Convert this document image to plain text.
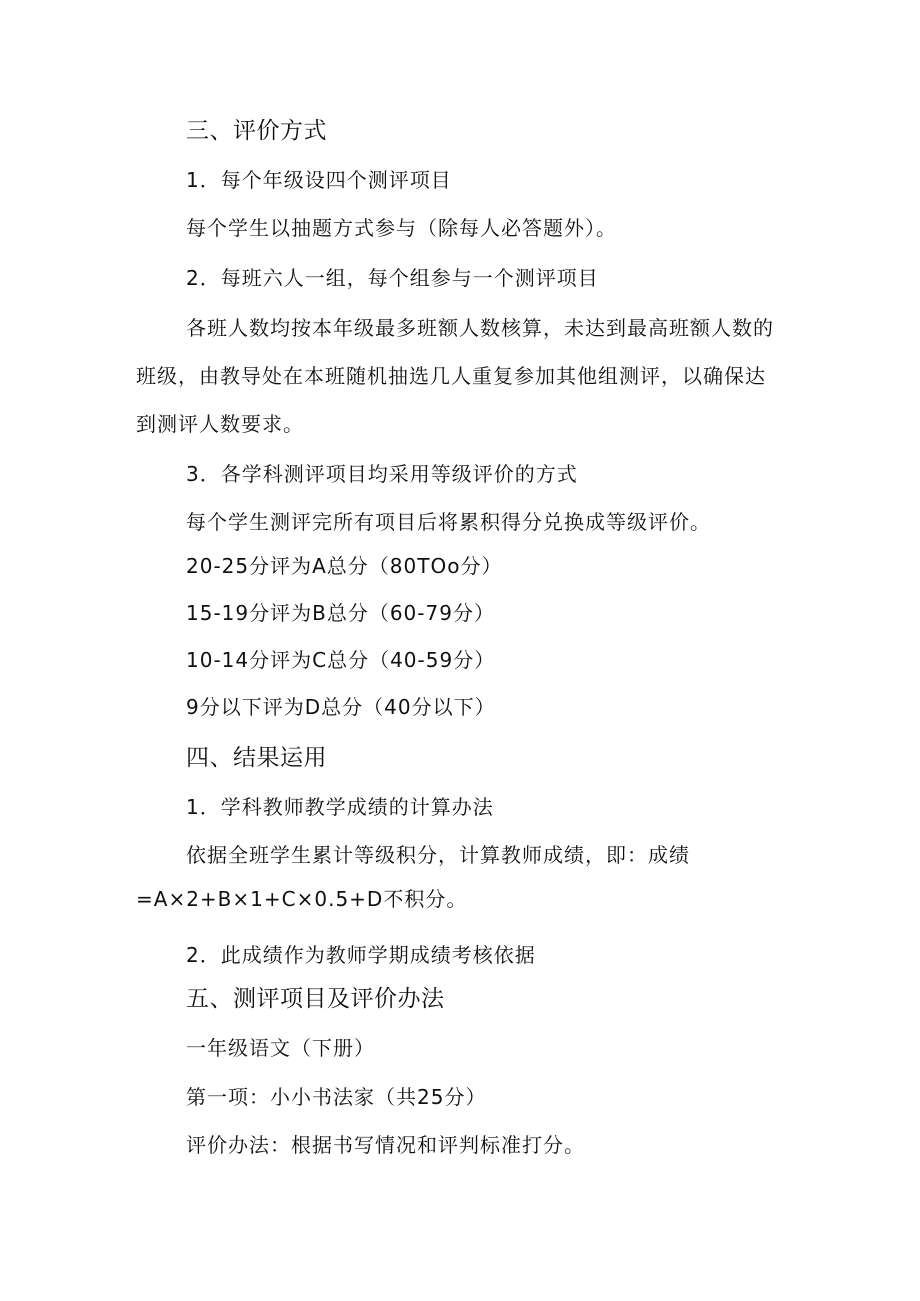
三、评价方式
1．每个年级设四个测评项目
每个学生以抽题方式参与（除每人必答题外）。
2．每班六人一组，每个组参与一个测评项目
各班人数均按本年级最多班额人数核算，未达到最高班额人数的
班级，由教导处在本班随机抽选几人重复参加其他组测评，以确保达
到测评人数要求。
3．各学科测评项目均采用等级评价的方式
每个学生测评完所有项目后将累积得分兑换成等级评价。
20-25分评为A总分（80TOo分）
15-19分评为B总分（60-79分）
10-14分评为C总分（40-59分）
9分以下评为D总分（40分以下）
四、结果运用
1．学科教师教学成绩的计算办法
依据全班学生累计等级积分，计算教师成绩，即：成绩
=A×2+B×1+C×0.5+D不积分。
2．此成绩作为教师学期成绩考核依据
五、测评项目及评价办法
一年级语文（下册）
第一项：小小书法家（共25分）
评价办法：根据书写情况和评判标准打分。
